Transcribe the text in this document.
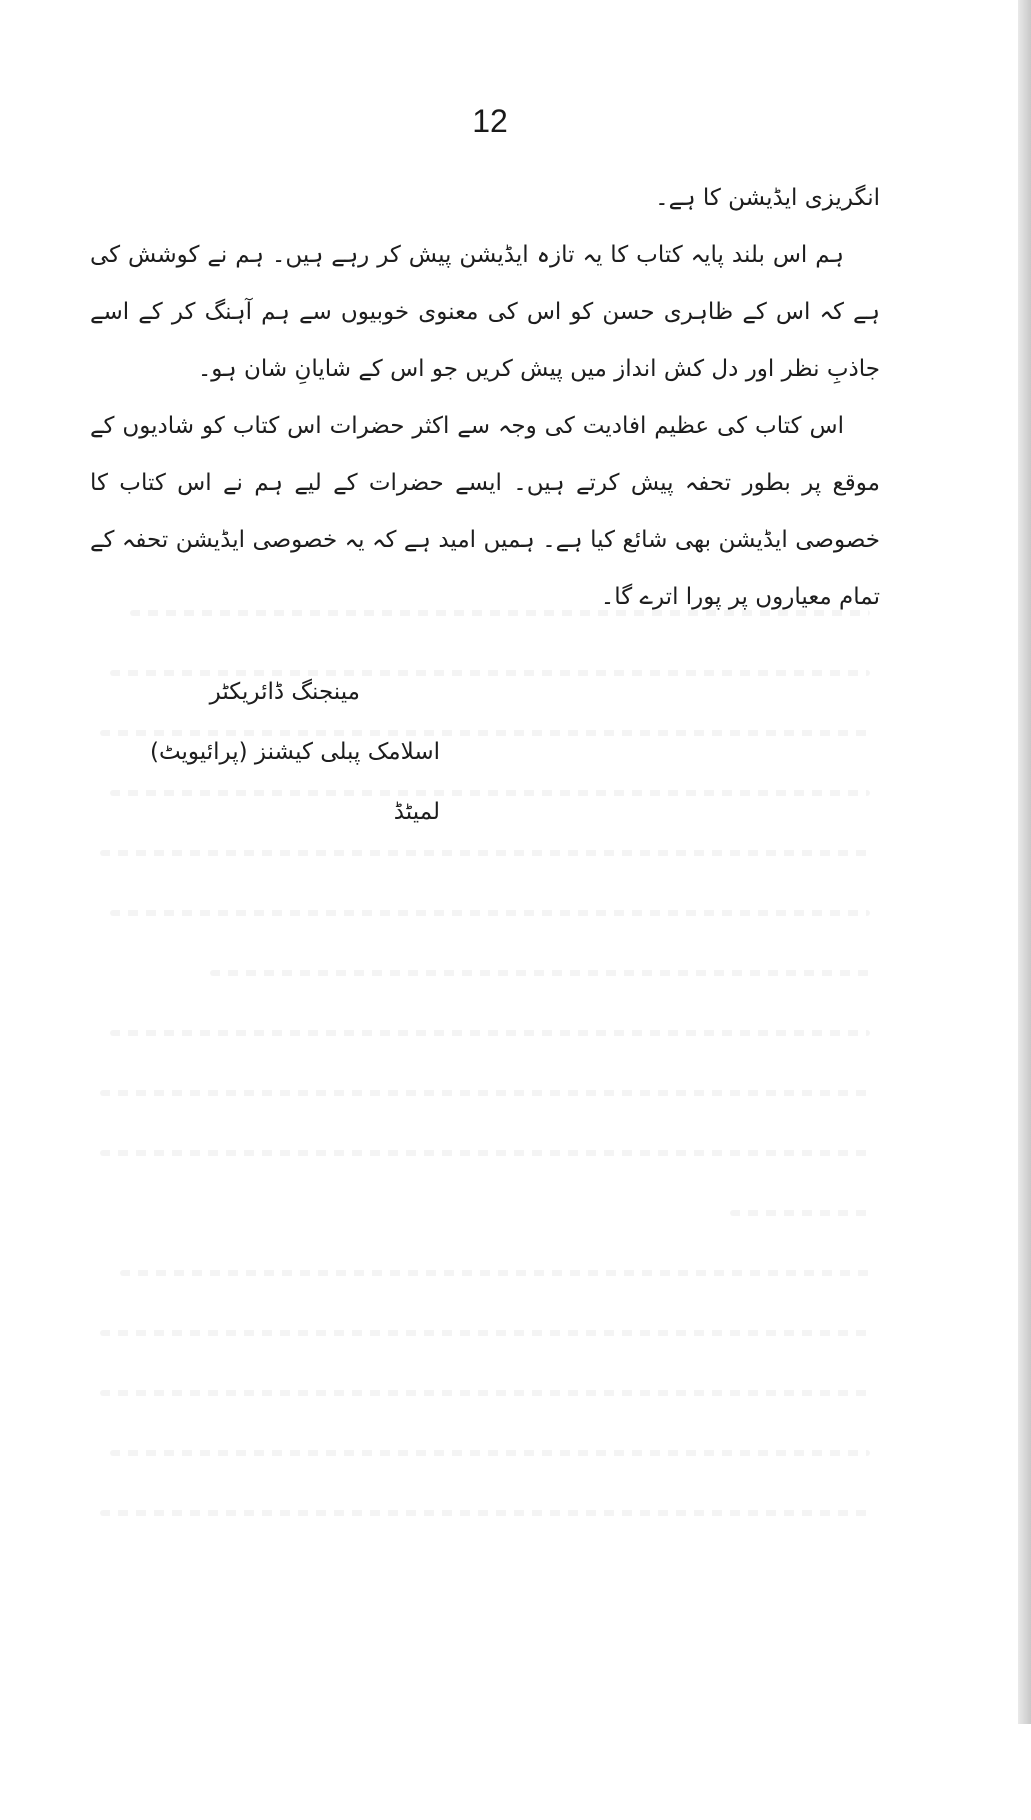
12

انگریزی ایڈیشن کا ہے۔

ہم اس بلند پایہ کتاب کا یہ تازہ ایڈیشن پیش کر رہے ہیں۔ ہم نے کوشش کی ہے کہ اس کے ظاہری حسن کو اس کی معنوی خوبیوں سے ہم آہنگ کر کے اسے جاذبِ نظر اور دل کش انداز میں پیش کریں جو اس کے شایانِ شان ہو۔

اس کتاب کی عظیم افادیت کی وجہ سے اکثر حضرات اس کتاب کو شادیوں کے موقع پر بطور تحفہ پیش کرتے ہیں۔ ایسے حضرات کے لیے ہم نے اس کتاب کا خصوصی ایڈیشن بھی شائع کیا ہے۔ ہمیں امید ہے کہ یہ خصوصی ایڈیشن تحفہ کے تمام معیاروں پر پورا اترے گا۔

مینجنگ ڈائریکٹر
اسلامک پبلی کیشنز (پرائیویٹ) لمیٹڈ
